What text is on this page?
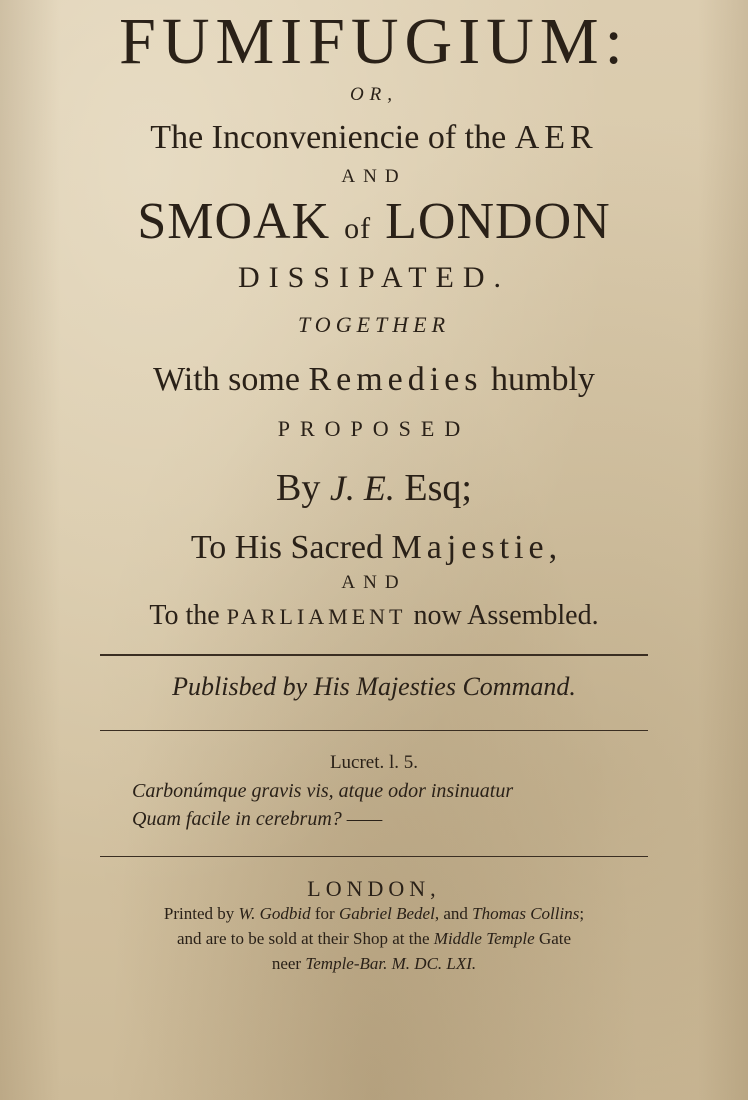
FUMIFUGIUM:
OR,
The Inconveniencie of the AER
AND
SMOAK of LONDON
DISSIPATED.
TOGETHER
With some Remedies humbly
PROPOSED
By J. E. Esq;
To His Sacred Majestie,
AND
To the PARLIAMENT now Assembled.
Publisbed by His Majesties Command.
Lucret. l. 5.
Carbonúmque gravis vis, atque odor insinuatur
Quam facile in cerebrum? ——
LONDON,
Printed by W. Godbid for Gabriel Bedel, and Thomas Collins;
and are to be sold at their Shop at the Middle Temple Gate
neer Temple-Bar. M. DC. LXI.
